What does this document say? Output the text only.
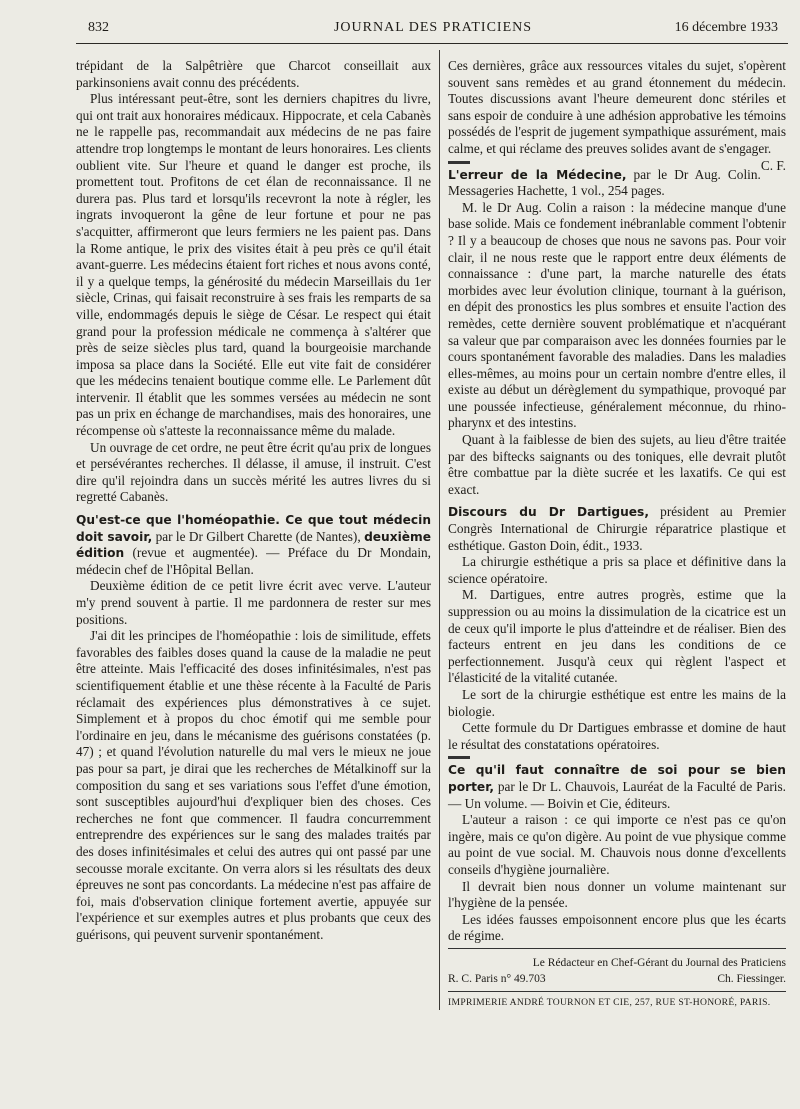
832	JOURNAL DES PRATICIENS	16 décembre 1933

trépidant de la Salpêtrière que Charcot conseillait aux parkinsoniens avait connu des précédents.

Plus intéressant peut-être, sont les derniers chapitres du livre, qui ont trait aux honoraires médicaux. Hippocrate, et cela Cabanès ne le rappelle pas, recommandait aux médecins de ne pas faire attendre trop longtemps le montant de leurs honoraires. Les clients oublient vite. Sur l'heure et quand le danger est proche, ils promettent tout. Profitons de cet élan de reconnaissance. Il ne durera pas. Plus tard et lorsqu'ils recevront la note à régler, les ingrats invoqueront la gêne de leur fortune et pour ne pas s'acquitter, affirmeront que leurs fermiers ne les paient pas. Dans la Rome antique, le prix des visites était à peu près ce qu'il était avant-guerre. Les médecins étaient fort riches et nous avons conté, il y a quelque temps, la générosité du médecin Marseillais du 1er siècle, Crinas, qui faisait reconstruire à ses frais les remparts de sa ville, endommagés depuis le siège de César. Le respect qui était grand pour la profession médicale ne commença à s'altérer que près de seize siècles plus tard, quand la bourgeoisie marchande imposa sa place dans la Société. Elle eut vite fait de considérer que les médecins tenaient boutique comme elle. Le Parlement dût intervenir. Il établit que les sommes versées au médecin ne sont pas un prix en échange de marchandises, mais des honoraires, une récompense où s'atteste la reconnaissance même du malade.

Un ouvrage de cet ordre, ne peut être écrit qu'au prix de longues et persévérantes recherches. Il délasse, il amuse, il instruit. C'est dire qu'il rejoindra dans un succès mérité les autres livres du si regretté Cabanès.

Qu'est-ce que l'homéopathie. Ce que tout médecin doit savoir, par le Dr Gilbert Charette (de Nantes), deuxième édition (revue et augmentée). — Préface du Dr Mondain, médecin chef de l'Hôpital Bellan.

Deuxième édition de ce petit livre écrit avec verve. L'auteur m'y prend souvent à partie. Il me pardonnera de rester sur mes positions.

J'ai dit les principes de l'homéopathie : lois de similitude, effets favorables des faibles doses quand la cause de la maladie ne peut être atteinte. Mais l'efficacité des doses infinitésimales, n'est pas scientifiquement établie et une thèse récente à la Faculté de Paris réclamait des expériences plus démonstratives à ce sujet. Simplement et à propos du choc émotif qui me semble pour l'ordinaire en jeu, dans le mécanisme des guérisons constatées (p. 47) ; et quand l'évolution naturelle du mal vers le mieux ne joue pas pour sa part, je dirai que les recherches de Métalkinoff sur la composition du sang et ses variations sous l'effet d'une émotion, sont susceptibles aujourd'hui d'expliquer bien des choses. Ces recherches ne font que commencer. Il faudra concurremment entreprendre des expériences sur le sang des malades traités par des doses infinitésimales et celui des autres qui ont passé par une secousse morale excitante. On verra alors si les résultats des deux épreuves ne sont pas concordants. La médecine n'est pas affaire de foi, mais d'observation clinique fortement avertie, appuyée sur l'expérience et sur exemples autres et plus probants que ceux des guérisons, qui peuvent survenir spontanément.

Ces dernières, grâce aux ressources vitales du sujet, s'opèrent souvent sans remèdes et au grand étonnement du médecin. Toutes discussions avant l'heure demeurent donc stériles et sans espoir de conduire à une adhésion approbative les témoins possédés de l'esprit de jugement sympathique assurément, mais calme, et qui réclame des preuves solides avant de s'engager.
C. F.

L'erreur de la Médecine, par le Dr Aug. Colin. Messageries Hachette, 1 vol., 254 pages.

M. le Dr Aug. Colin a raison : la médecine manque d'une base solide. Mais ce fondement inébranlable comment l'obtenir ? Il y a beaucoup de choses que nous ne savons pas. Pour voir clair, il ne nous reste que le rapport entre deux éléments de connaissance : d'une part, la marche naturelle des états morbides avec leur évolution clinique, tournant à la guérison, en dépit des pronostics les plus sombres et ensuite l'action des remèdes, cette dernière souvent problématique et n'acquérant sa valeur que par comparaison avec les données fournies par le cours spontanément favorable des maladies. Dans les maladies elles-mêmes, au moins pour un certain nombre d'entre elles, il existe au début un dérèglement du sympathique, provoqué par une poussée infectieuse, généralement méconnue, du rhino-pharynx et des intestins.

Quant à la faiblesse de bien des sujets, au lieu d'être traitée par des biftecks saignants ou des toniques, elle devrait plutôt être combattue par la diète sucrée et les laxatifs. Ce qui est exact.

Discours du Dr Dartigues, président au Premier Congrès International de Chirurgie réparatrice plastique et esthétique. Gaston Doin, édit., 1933.

La chirurgie esthétique a pris sa place et définitive dans la science opératoire.

M. Dartigues, entre autres progrès, estime que la suppression ou au moins la dissimulation de la cicatrice est un de ceux qu'il importe le plus d'atteindre et de réaliser. Bien des facteurs entrent en jeu dans les conditions de ce perfectionnement. Jusqu'à ceux qui règlent l'aspect et l'élasticité de la vitalité cutanée.

Le sort de la chirurgie esthétique est entre les mains de la biologie.

Cette formule du Dr Dartigues embrasse et domine de haut le résultat des constatations opératoires.

Ce qu'il faut connaître de soi pour se bien porter, par le Dr L. Chauvois, Lauréat de la Faculté de Paris. — Un volume. — Boivin et Cie, éditeurs.

L'auteur a raison : ce qui importe ce n'est pas ce qu'on ingère, mais ce qu'on digère. Au point de vue physique comme au point de vue social. M. Chauvois nous donne d'excellents conseils d'hygiène journalière.

Il devrait bien nous donner un volume maintenant sur l'hygiène de la pensée.

Les idées fausses empoisonnent encore plus que les écarts de régime.

Le Rédacteur en Chef-Gérant du Journal des Praticiens
R. C. Paris n° 49.703	Ch. Fiessinger.
IMPRIMERIE ANDRÉ TOURNON ET CIE, 257, RUE ST-HONORÉ, PARIS.
